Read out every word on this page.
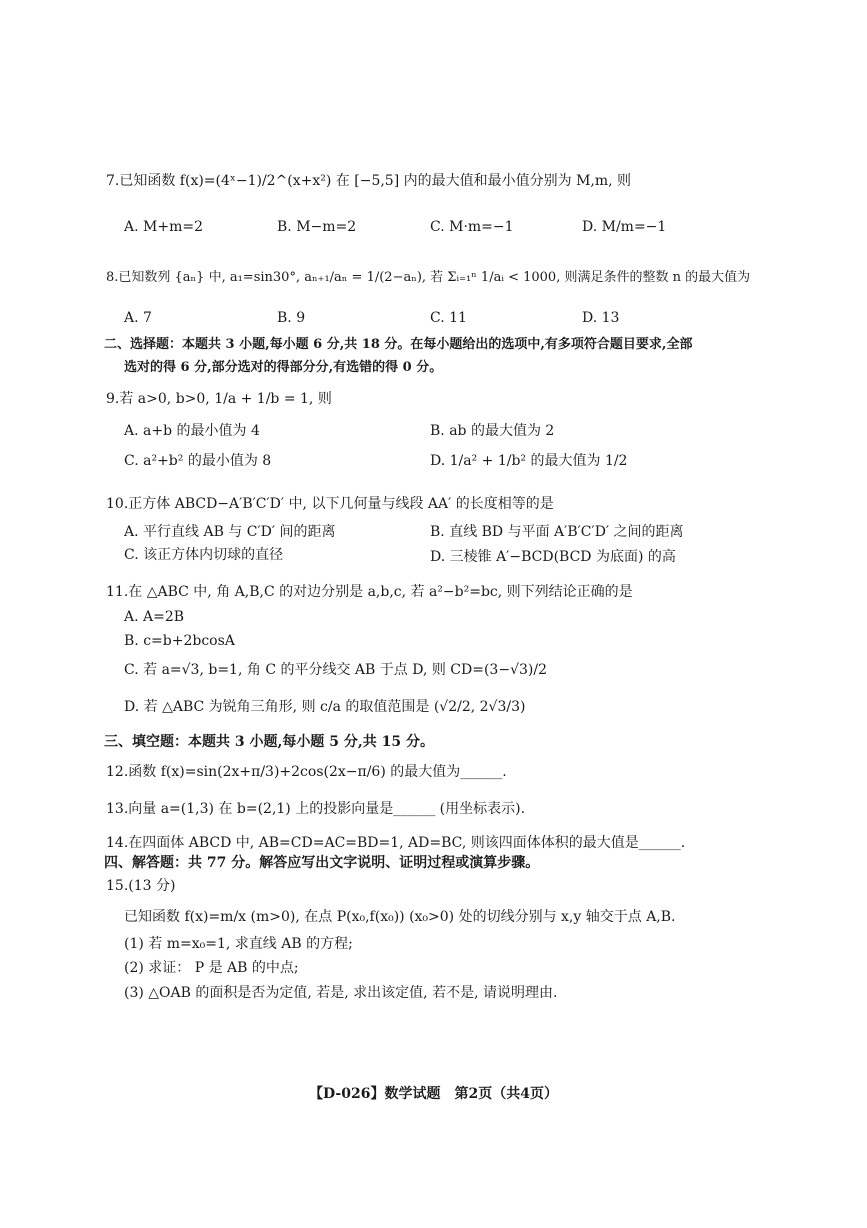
7.已知函数 f(x)=(4ˣ−1)/2^(x+x²) 在 [−5,5] 内的最大值和最小值分别为 M,m, 则
A. M+m=2	B. M−m=2	C. M·m=−1	D. M/m=−1
8.已知数列 {aₙ} 中, a₁=sin30°, aₙ₊₁/aₙ = 1/(2−aₙ), 若 Σᵢ₌₁ⁿ 1/aᵢ < 1000, 则满足条件的整数 n 的最大值为
A. 7	B. 9	C. 11	D. 13
二、选择题：本题共 3 小题,每小题 6 分,共 18 分。在每小题给出的选项中,有多项符合题目要求,全部
选对的得 6 分,部分选对的得部分分,有选错的得 0 分。
9.若 a>0, b>0, 1/a + 1/b = 1, 则
A. a+b 的最小值为 4	B. ab 的最大值为 2
C. a²+b² 的最小值为 8	D. 1/a² + 1/b² 的最大值为 1/2
10.正方体 ABCD−A′B′C′D′ 中, 以下几何量与线段 AA′ 的长度相等的是
A. 平行直线 AB 与 C′D′ 间的距离	B. 直线 BD 与平面 A′B′C′D′ 之间的距离
C. 该正方体内切球的直径	D. 三棱锥 A′−BCD(BCD 为底面) 的高
11.在 △ABC 中, 角 A,B,C 的对边分别是 a,b,c, 若 a²−b²=bc, 则下列结论正确的是
A. A=2B
B. c=b+2bcosA
C. 若 a=√3, b=1, 角 C 的平分线交 AB 于点 D, 则 CD=(3−√3)/2
D. 若 △ABC 为锐角三角形, 则 c/a 的取值范围是 (√2/2, 2√3/3)
三、填空题：本题共 3 小题,每小题 5 分,共 15 分。
12.函数 f(x)=sin(2x+π/3)+2cos(2x−π/6) 的最大值为______.
13.向量 a=(1,3) 在 b=(2,1) 上的投影向量是______ (用坐标表示).
14.在四面体 ABCD 中, AB=CD=AC=BD=1, AD=BC, 则该四面体体积的最大值是______.
四、解答题：共 77 分。解答应写出文字说明、证明过程或演算步骤。
15.(13 分)
已知函数 f(x)=m/x (m>0), 在点 P(x₀,f(x₀)) (x₀>0) 处的切线分别与 x,y 轴交于点 A,B.
(1) 若 m=x₀=1, 求直线 AB 的方程;
(2) 求证： P 是 AB 的中点;
(3) △OAB 的面积是否为定值, 若是, 求出该定值, 若不是, 请说明理由.
【D-026】数学试题　第2页（共4页）
